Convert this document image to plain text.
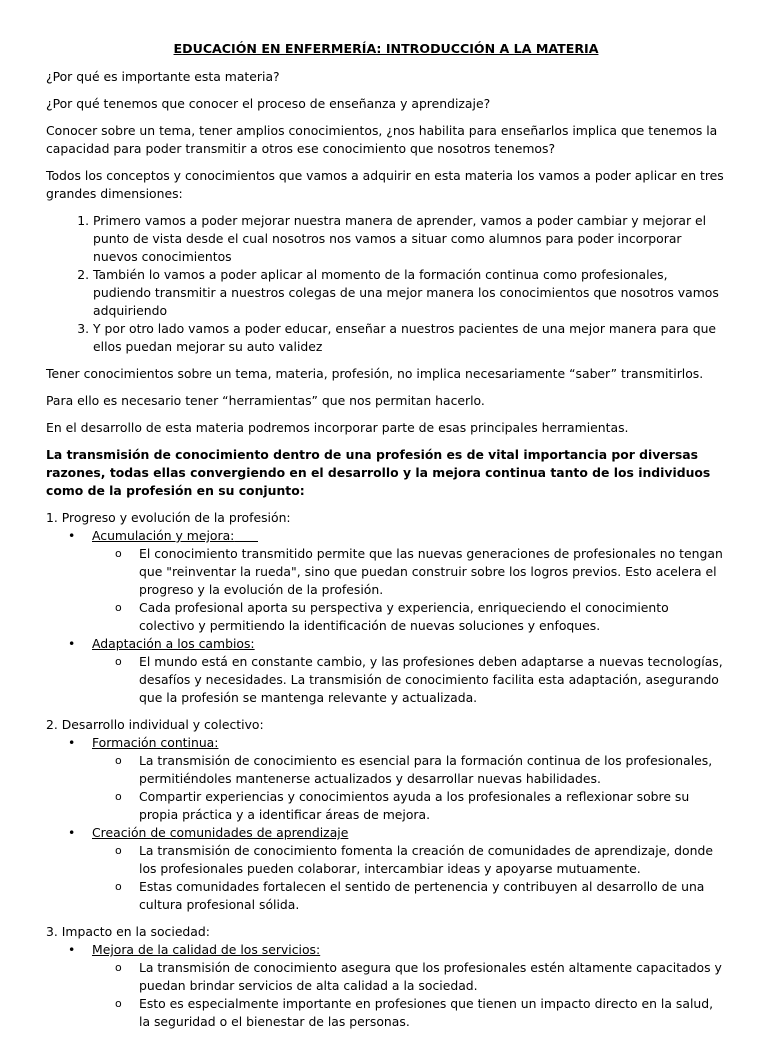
EDUCACIÓN EN ENFERMERÍA: INTRODUCCIÓN A LA MATERIA

¿Por qué es importante esta materia?

¿Por qué tenemos que conocer el proceso de enseñanza y aprendizaje?

Conocer sobre un tema, tener amplios conocimientos, ¿nos habilita para enseñarlos implica que tenemos la capacidad para poder transmitir a otros ese conocimiento que nosotros tenemos?

Todos los conceptos y conocimientos que vamos a adquirir en esta materia los vamos a poder aplicar en tres grandes dimensiones:

1. Primero vamos a poder mejorar nuestra manera de aprender, vamos a poder cambiar y mejorar el punto de vista desde el cual nosotros nos vamos a situar como alumnos para poder incorporar nuevos conocimientos
2. También lo vamos a poder aplicar al momento de la formación continua como profesionales, pudiendo transmitir a nuestros colegas de una mejor manera los conocimientos que nosotros vamos adquiriendo
3. Y por otro lado vamos a poder educar, enseñar a nuestros pacientes de una mejor manera para que ellos puedan mejorar su auto validez

Tener conocimientos sobre un tema, materia, profesión, no implica necesariamente “saber” transmitirlos.

Para ello es necesario tener “herramientas” que nos permitan hacerlo.

En el desarrollo de esta materia podremos incorporar parte de esas principales herramientas.

La transmisión de conocimiento dentro de una profesión es de vital importancia por diversas razones, todas ellas convergiendo en el desarrollo y la mejora continua tanto de los individuos como de la profesión en su conjunto:

1. Progreso y evolución de la profesión:

• Acumulación y mejora:
o El conocimiento transmitido permite que las nuevas generaciones de profesionales no tengan que "reinventar la rueda", sino que puedan construir sobre los logros previos. Esto acelera el progreso y la evolución de la profesión.
o Cada profesional aporta su perspectiva y experiencia, enriqueciendo el conocimiento colectivo y permitiendo la identificación de nuevas soluciones y enfoques.
• Adaptación a los cambios:
o El mundo está en constante cambio, y las profesiones deben adaptarse a nuevas tecnologías, desafíos y necesidades. La transmisión de conocimiento facilita esta adaptación, asegurando que la profesión se mantenga relevante y actualizada.

2. Desarrollo individual y colectivo:

• Formación continua:
o La transmisión de conocimiento es esencial para la formación continua de los profesionales, permitiéndoles mantenerse actualizados y desarrollar nuevas habilidades.
o Compartir experiencias y conocimientos ayuda a los profesionales a reflexionar sobre su propia práctica y a identificar áreas de mejora.
• Creación de comunidades de aprendizaje
o La transmisión de conocimiento fomenta la creación de comunidades de aprendizaje, donde los profesionales pueden colaborar, intercambiar ideas y apoyarse mutuamente.
o Estas comunidades fortalecen el sentido de pertenencia y contribuyen al desarrollo de una cultura profesional sólida.

3. Impacto en la sociedad:

• Mejora de la calidad de los servicios:
o La transmisión de conocimiento asegura que los profesionales estén altamente capacitados y puedan brindar servicios de alta calidad a la sociedad.
o Esto es especialmente importante en profesiones que tienen un impacto directo en la salud, la seguridad o el bienestar de las personas.
